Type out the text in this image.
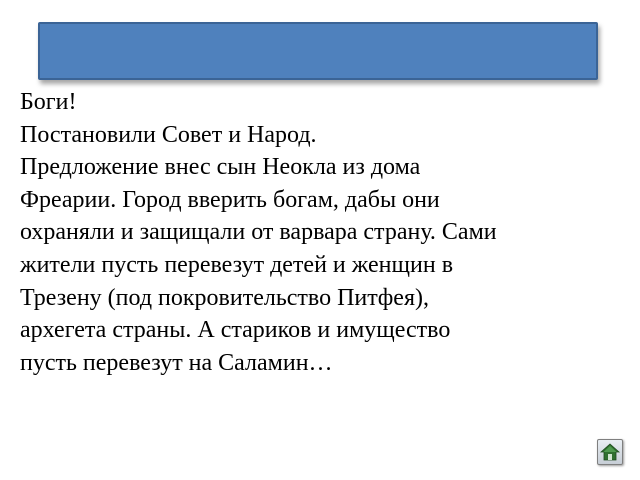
Боги!
Постановили Совет и Народ.
Предложение внес сын Неокла из дома
Фреарии. Город вверить богам, дабы они
охраняли и защищали от варвара страну. Сами
жители пусть перевезут детей и женщин в
Трезену (под покровительство Питфея),
архегета страны. А стариков и имущество
пусть перевезут на Саламин…
